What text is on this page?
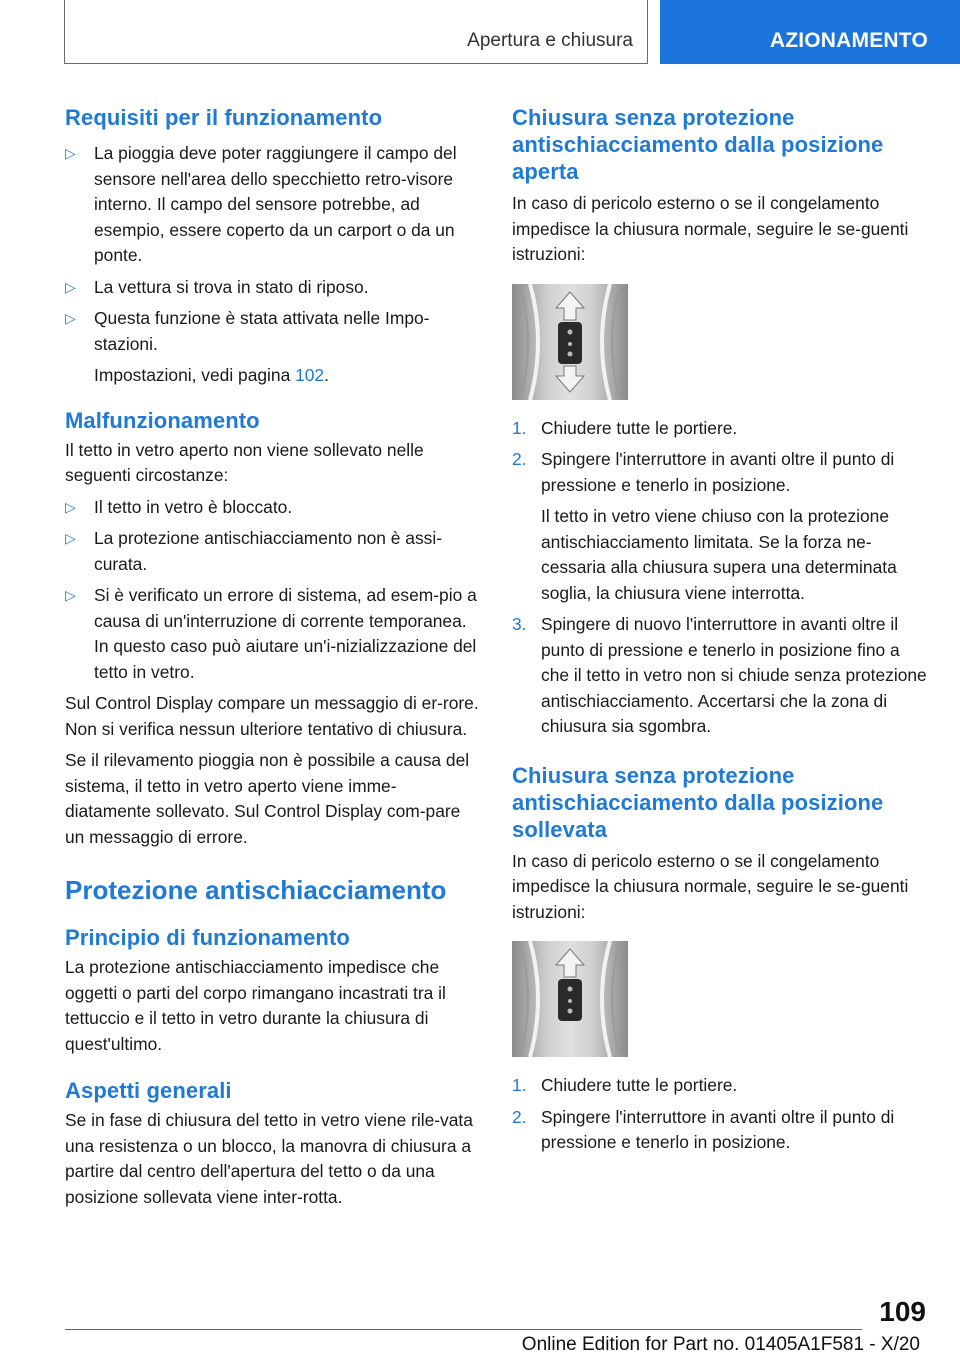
Apertura e chiusura	AZIONAMENTO
Requisiti per il funzionamento
▷ La pioggia deve poter raggiungere il campo del sensore nell'area dello specchietto retro-visore interno. Il campo del sensore potrebbe, ad esempio, essere coperto da un carport o da un ponte.
▷ La vettura si trova in stato di riposo.
▷ Questa funzione è stata attivata nelle Impo-stazioni.
Impostazioni, vedi pagina 102.
Malfunzionamento

Il tetto in vetro aperto non viene sollevato nelle seguenti circostanze:

▷ Il tetto in vetro è bloccato.
▷ La protezione antischiacciamento non è assi-curata.
▷ Si è verificato un errore di sistema, ad esem-pio a causa di un'interruzione di corrente temporanea. In questo caso può aiutare un'i-nizializzazione del tetto in vetro.

Sul Control Display compare un messaggio di er-rore. Non si verifica nessun ulteriore tentativo di chiusura.

Se il rilevamento pioggia non è possibile a causa del sistema, il tetto in vetro aperto viene imme-diatamente sollevato. Sul Control Display com-pare un messaggio di errore.

Protezione antischiacciamento
Principio di funzionamento

La protezione antischiacciamento impedisce che oggetti o parti del corpo rimangano incastrati tra il tettuccio e il tetto in vetro durante la chiusura di quest'ultimo.

Aspetti generali

Se in fase di chiusura del tetto in vetro viene rile-vata una resistenza o un blocco, la manovra di chiusura a partire dal centro dell'apertura del tetto o da una posizione sollevata viene inter-rotta.

Chiusura senza protezione antischiacciamento dalla posizione aperta

In caso di pericolo esterno o se il congelamento impedisce la chiusura normale, seguire le se-guenti istruzioni:

1. Chiudere tutte le portiere.
2. Spingere l'interruttore in avanti oltre il punto di pressione e tenerlo in posizione.
Il tetto in vetro viene chiuso con la protezione antischiacciamento limitata. Se la forza ne-cessaria alla chiusura supera una determinata soglia, la chiusura viene interrotta.
3. Spingere di nuovo l'interruttore in avanti oltre il punto di pressione e tenerlo in posizione fino a che il tetto in vetro non si chiude senza protezione antischiacciamento. Accertarsi che la zona di chiusura sia sgombra.
Chiusura senza protezione antischiacciamento dalla posizione sollevata

In caso di pericolo esterno o se il congelamento impedisce la chiusura normale, seguire le se-guenti istruzioni:

1. Chiudere tutte le portiere.
2. Spingere l'interruttore in avanti oltre il punto di pressione e tenerlo in posizione.
109
Online Edition for Part no. 01405A1F581 - X/20
